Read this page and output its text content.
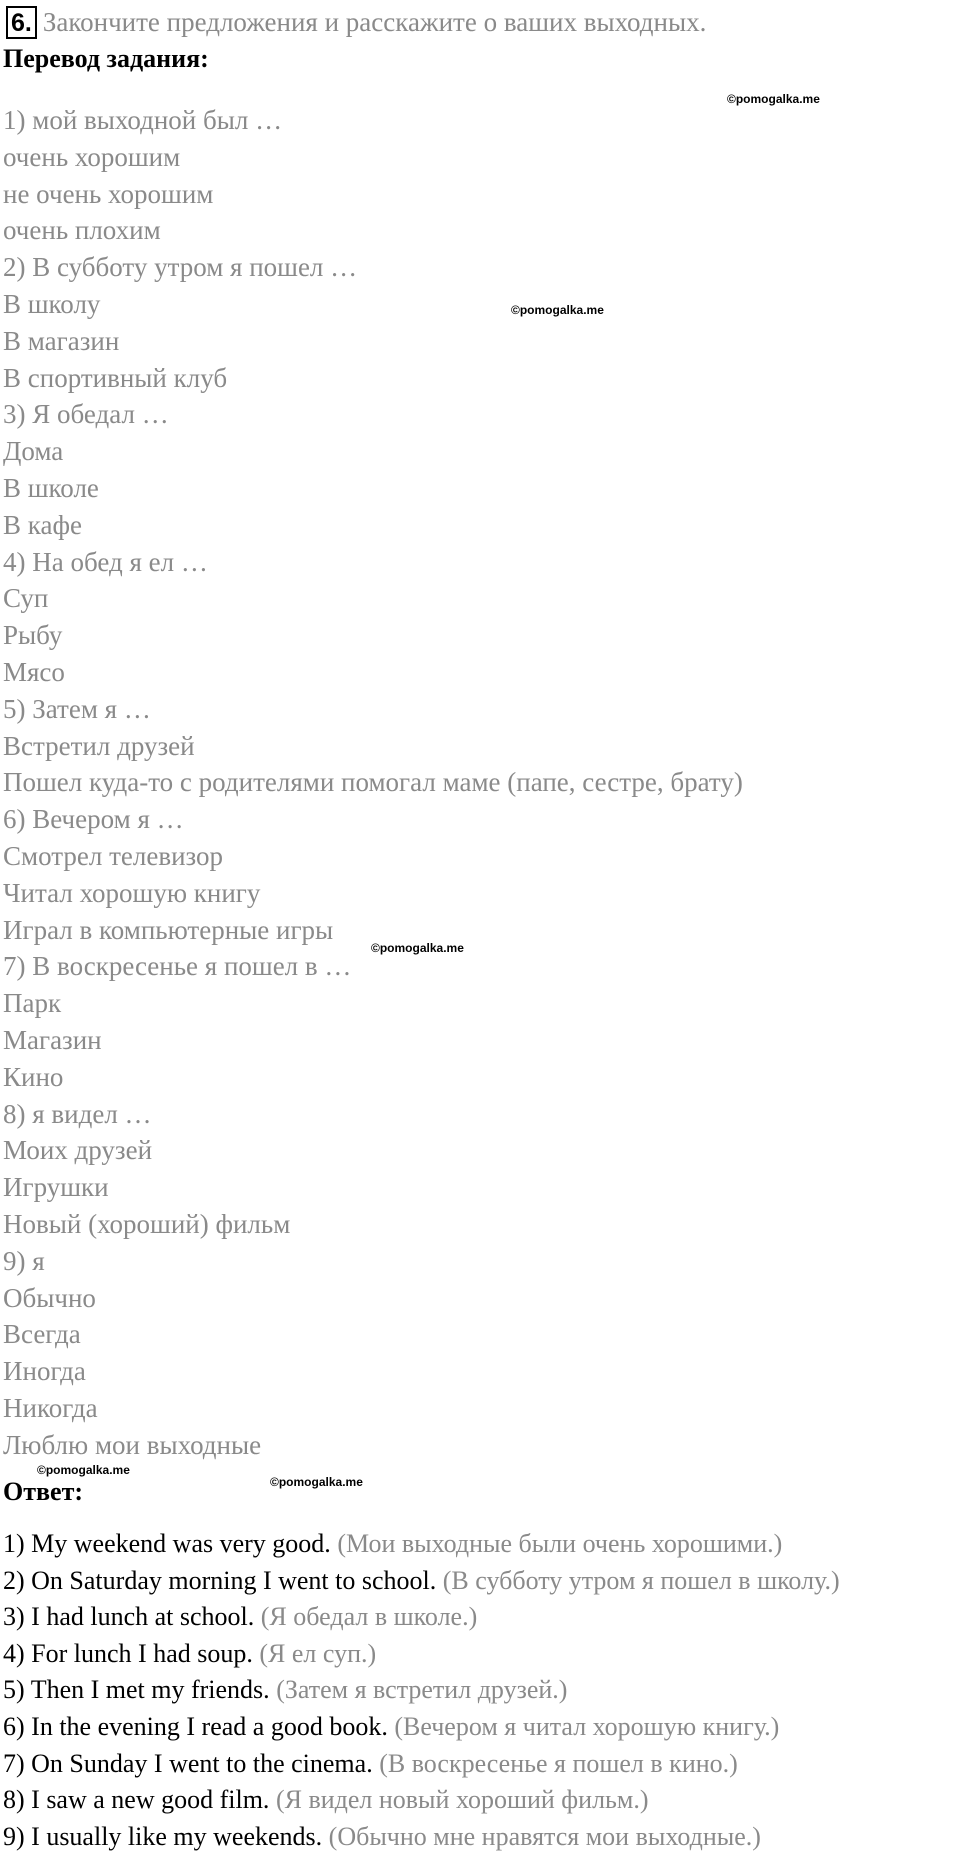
6. Закончите предложения и расскажите о ваших выходных.
Перевод задания:
1) мой выходной был …
очень хорошим
не очень хорошим
очень плохим
2) В субботу утром я пошел …
В школу
В магазин
В спортивный клуб
3) Я обедал …
Дома
В школе
В кафе
4) На обед я ел …
Суп
Рыбу
Мясо
5) Затем я …
Встретил друзей
Пошел куда-то с родителями помогал маме (папе, сестре, брату)
6) Вечером я …
Смотрел телевизор
Читал хорошую книгу
Играл в компьютерные игры
7) В воскресенье я пошел в …
Парк
Магазин
Кино
8) я видел …
Моих друзей
Игрушки
Новый (хороший) фильм
9) я
Обычно
Всегда
Иногда
Никогда
Люблю мои выходные
Ответ:
1) My weekend was very good. (Мои выходные были очень хорошими.)
2) On Saturday morning I went to school. (В субботу утром я пошел в школу.)
3) I had lunch at school. (Я обедал в школе.)
4) For lunch I had soup. (Я ел суп.)
5) Then I met my friends. (Затем я встретил друзей.)
6) In the evening I read a good book. (Вечером я читал хорошую книгу.)
7) On Sunday I went to the cinema. (В воскресенье я пошел в кино.)
8) I saw a new good film. (Я видел новый хороший фильм.)
9) I usually like my weekends. (Обычно мне нравятся мои выходные.)
©pomogalka.me
©pomogalka.me
©pomogalka.me
©pomogalka.me
©pomogalka.me
